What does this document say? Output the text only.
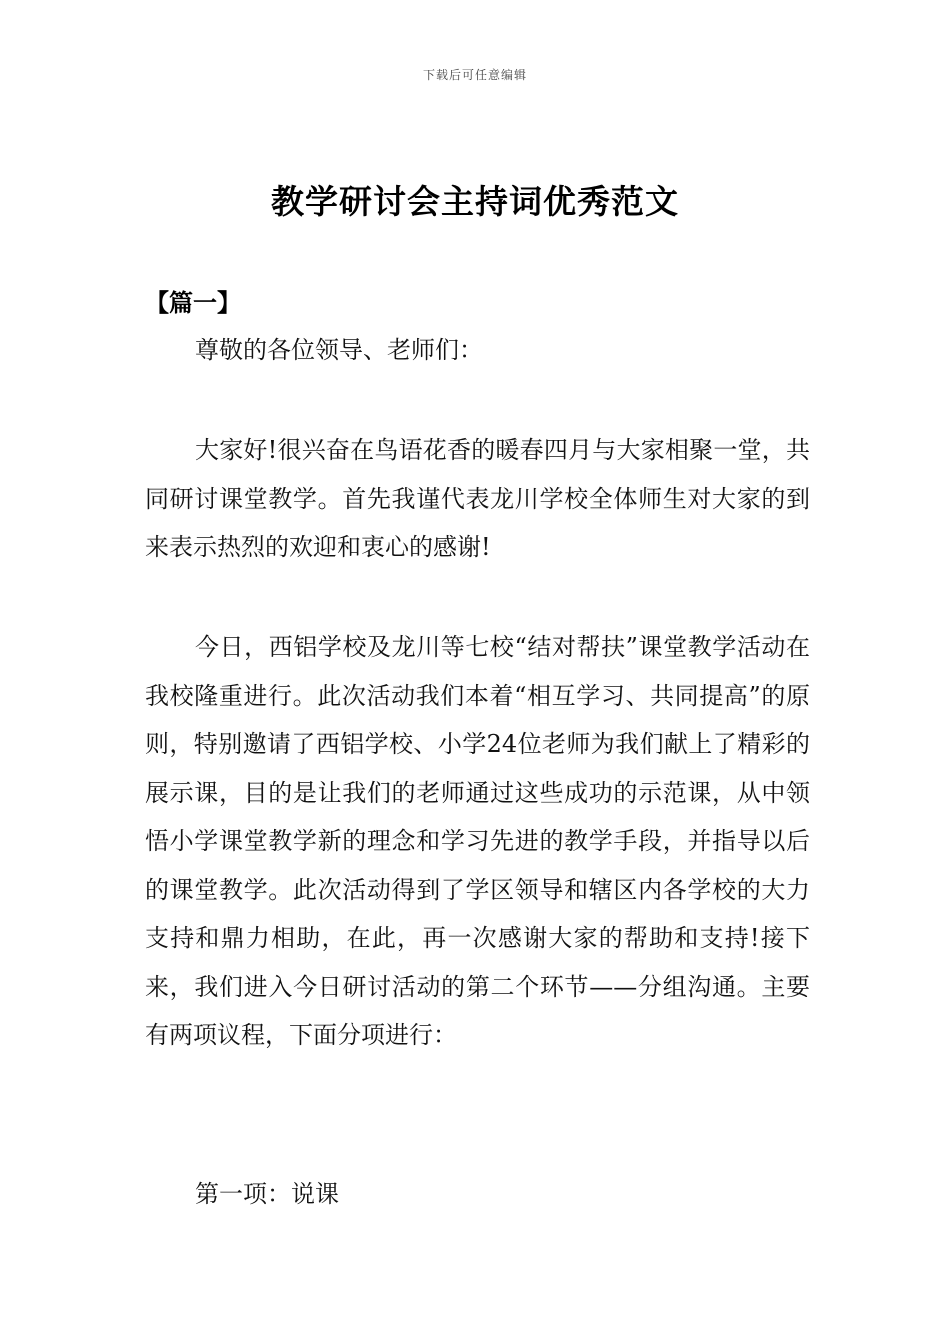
下载后可任意编辑
教学研讨会主持词优秀范文
【篇一】

尊敬的各位领导、老师们：

大家好!很兴奋在鸟语花香的暖春四月与大家相聚一堂，共同研讨课堂教学。首先我谨代表龙川学校全体师生对大家的到来表示热烈的欢迎和衷心的感谢!

今日，西铝学校及龙川等七校“结对帮扶”课堂教学活动在我校隆重进行。此次活动我们本着“相互学习、共同提高”的原则，特别邀请了西铝学校、小学24位老师为我们献上了精彩的展示课，目的是让我们的老师通过这些成功的示范课，从中领悟小学课堂教学新的理念和学习先进的教学手段，并指导以后的课堂教学。此次活动得到了学区领导和辖区内各学校的大力支持和鼎力相助，在此，再一次感谢大家的帮助和支持!接下来，我们进入今日研讨活动的第二个环节——分组沟通。主要有两项议程，下面分项进行：

第一项：说课
